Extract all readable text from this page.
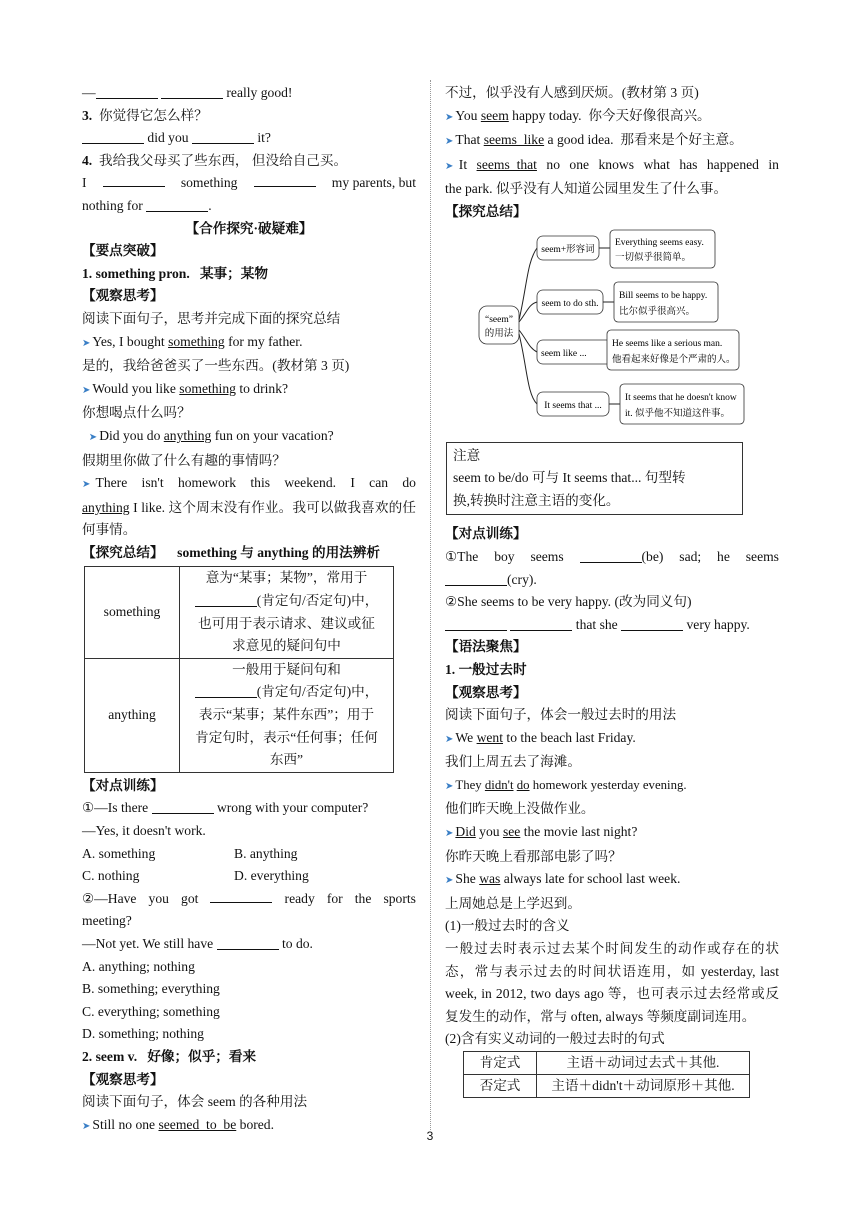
—	really good!
3. 你觉得它怎么样？
did you	it?
4. 我给我父母买了些东西， 但没给自己买。
I	something	my parents, but
nothing for	.
【合作探究·破疑难】
【要点突破】
1. something pron. 某事；某物
【观察思考】
阅读下面句子，思考并完成下面的探究总结
➤ Yes, I bought something for my father.
是的，我给爸爸买了一些东西。(教材第 3 页)
➤ Would you like something to drink?
你想喝点什么吗？
➤ Did you do anything fun on your vacation?
假期里你做了什么有趣的事情吗？
➤ There isn't homework this weekend. I can do
anything I like. 这个周末没有作业。我可以做我喜欢的任何事情。
【探究总结】 something 与 anything 的用法辨析
something	意为“某事；某物”，常用于
(肯定句/否定句)中，
也可用于表示请求、建议或征
求意见的疑问句中

anything	一般用于疑问句和
(肯定句/否定句)中，
表示“某事；某件东西”；用于
肯定句时，表示“任何事；任何
东西”
【对点训练】
①—Is there	wrong with your computer?
—Yes, it doesn't work.
A. something	B. anything
C. nothing	D. everything
②—Have you got	ready for the sports
meeting?
—Not yet. We still have	to do.
A. anything; nothing
B. something; everything
C. everything; something
D. something; nothing
2. seem v. 好像；似乎；看来
【观察思考】
阅读下面句子，体会 seem 的各种用法
➤ Still no one seemed  to  be bored.
不过，似乎没有人感到厌烦。(教材第 3 页)
➤ You seem happy today. 你今天好像很高兴。
➤ That seems  like a good idea. 那看来是个好主意。
➤ It seems  that no one knows what has happened in
the park. 似乎没有人知道公园里发生了什么事。
【探究总结】
“seem”
的用法
seem+形容词
Everything seems easy.
一切似乎很简单。
seem to do sth.
Bill seems to be happy.
比尔似乎很高兴。
seem like ...
He seems like a serious man.
他看起来好像是个严肃的人。
It seems that ...
It seems that he doesn't know
it. 似乎他不知道这件事。
注意
seem to be/do 可与 It seems that... 句型转
换,转换时注意主语的变化。
【对点训练】
①The boy seems	(be) sad; he seems
(cry).
②She seems to be very happy. (改为同义句)
that she	very happy.
【语法聚焦】
1. 一般过去时
【观察思考】
阅读下面句子，体会一般过去时的用法
➤ We went to the beach last Friday.
我们上周五去了海滩。
➤ They didn't do homework yesterday evening.
他们昨天晚上没做作业。
➤ Did you see the movie last night?
你昨天晚上看那部电影了吗？
➤ She was always late for school last week.
上周她总是上学迟到。
(1)一般过去时的含义
一般过去时表示过去某个时间发生的动作或存在的状态，常与表示过去的时间状语连用，如 yesterday, last week, in 2012, two days ago 等，也可表示过去经常或反复发生的动作，常与 often, always 等频度副词连用。
(2)含有实义动词的一般过去时的句式
肯定式	主语＋动词过去式＋其他.
否定式	主语＋didn't＋动词原形＋其他.
3
